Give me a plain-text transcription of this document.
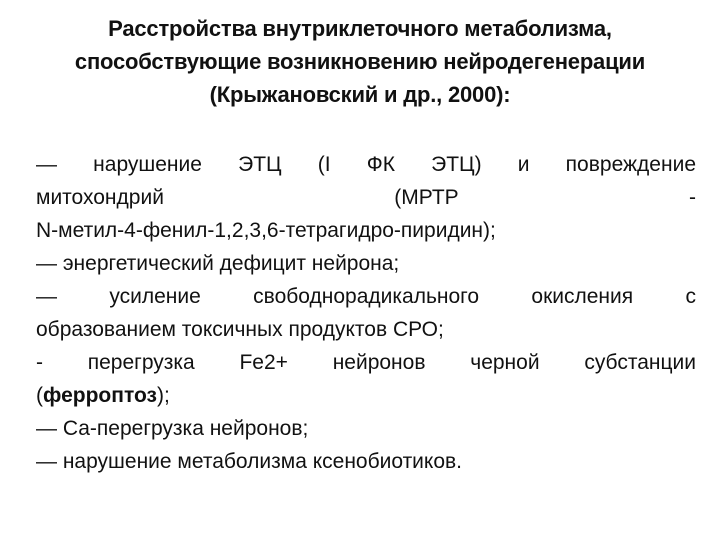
Расстройства внутриклеточного метаболизма,
способствующие возникновению нейродегенерации
(Крыжановский и др., 2000):
— нарушение ЭТЦ (I ФК ЭТЦ) и повреждение
митохондрий (МРТР -
N-метил-4-фенил-1,2,3,6-тетрагидро-пиридин);
— энергетический дефицит нейрона;
— усиление свободнорадикального окисления с
образованием токсичных продуктов СРО;
- перегрузка Fe2+ нейронов черной субстанции
(ферроптоз);
— Са-перегрузка нейронов;
— нарушение метаболизма ксенобиотиков.
